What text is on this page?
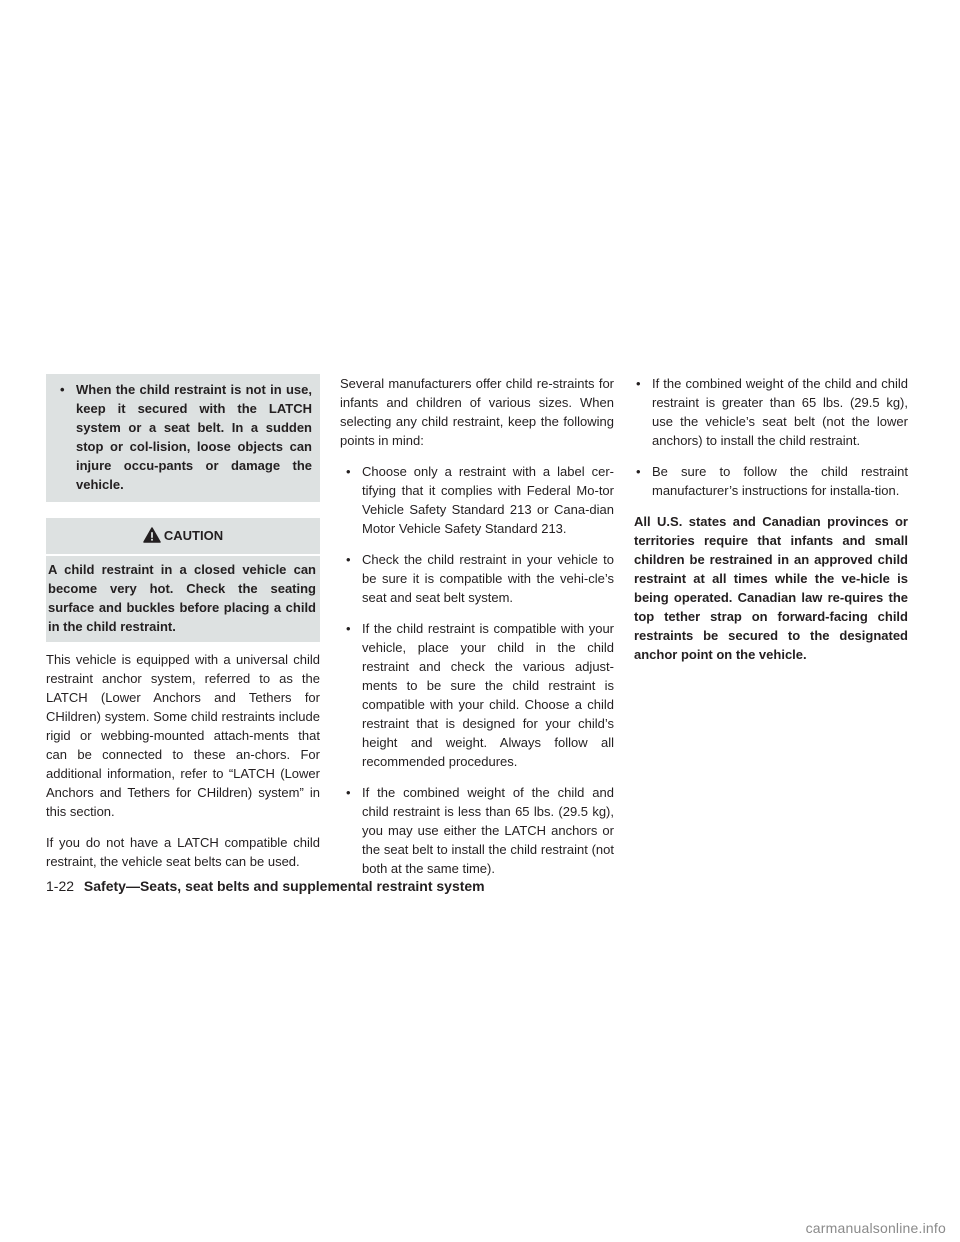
• When the child restraint is not in use, keep it secured with the LATCH system or a seat belt. In a sudden stop or col-lision, loose objects can injure occu-pants or damage the vehicle.
CAUTION
A child restraint in a closed vehicle can become very hot. Check the seating surface and buckles before placing a child in the child restraint.

This vehicle is equipped with a universal child restraint anchor system, referred to as the LATCH (Lower Anchors and Tethers for CHildren) system. Some child restraints include rigid or webbing-mounted attach-ments that can be connected to these an-chors. For additional information, refer to “LATCH (Lower Anchors and Tethers for CHildren) system” in this section.

If you do not have a LATCH compatible child restraint, the vehicle seat belts can be used.

Several manufacturers offer child re-straints for infants and children of various sizes. When selecting any child restraint, keep the following points in mind:

• Choose only a restraint with a label cer-tifying that it complies with Federal Mo-tor Vehicle Safety Standard 213 or Cana-dian Motor Vehicle Safety Standard 213.
• Check the child restraint in your vehicle to be sure it is compatible with the vehi-cle’s seat and seat belt system.
• If the child restraint is compatible with your vehicle, place your child in the child restraint and check the various adjust-ments to be sure the child restraint is compatible with your child. Choose a child restraint that is designed for your child’s height and weight. Always follow all recommended procedures.
• If the combined weight of the child and child restraint is less than 65 lbs. (29.5 kg), you may use either the LATCH anchors or the seat belt to install the child restraint (not both at the same time).
• If the combined weight of the child and child restraint is greater than 65 lbs. (29.5 kg), use the vehicle’s seat belt (not the lower anchors) to install the child restraint.
• Be sure to follow the child restraint manufacturer’s instructions for installa-tion.

All U.S. states and Canadian provinces or territories require that infants and small children be restrained in an approved child restraint at all times while the ve-hicle is being operated. Canadian law re-quires the top tether strap on forward-facing child restraints be secured to the designated anchor point on the vehicle.

1-22 Safety—Seats, seat belts and supplemental restraint system
carmanualsonline.info
